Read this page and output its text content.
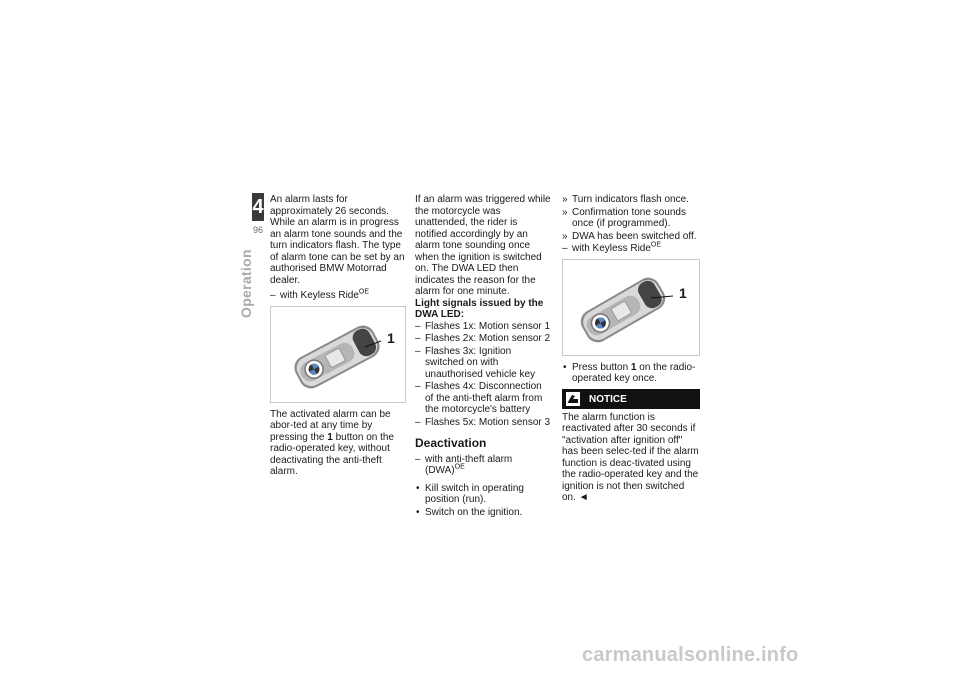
4
96
Operation

An alarm lasts for approximately 26 seconds. While an alarm is in progress an alarm tone sounds and the turn indicators flash. The type of alarm tone can be set by an authorised BMW Motorrad dealer.

– with Keyless Ride$^{OE}$

1

The activated alarm can be abor-ted at any time by pressing the 1 button on the radio-operated key, without deactivating the anti-theft alarm.

If an alarm was triggered while the motorcycle was unattended, the rider is notified accordingly by an alarm tone sounding once when the ignition is switched on. The DWA LED then indicates the reason for the alarm for one minute.

Light signals issued by the DWA LED:

– Flashes 1x: Motion sensor 1

– Flashes 2x: Motion sensor 2

– Flashes 3x: Ignition switched on with unauthorised vehicle key

– Flashes 4x: Disconnection of the anti-theft alarm from the motorcycle's battery

– Flashes 5x: Motion sensor 3

Deactivation

– with anti-theft alarm (DWA)$^{OE}$

• Kill switch in operating position (run).

• Switch on the ignition.

» Turn indicators flash once.

» Confirmation tone sounds once (if programmed).

» DWA has been switched off.

– with Keyless Ride$^{OE}$

1

• Press button 1 on the radio-operated key once.

NOTICE

The alarm function is reactivated after 30 seconds if "activation after ignition off" has been selec-ted if the alarm function is deac-tivated using the radio-operated key and the ignition is not then switched on. ◄

carmanualsonline.info
